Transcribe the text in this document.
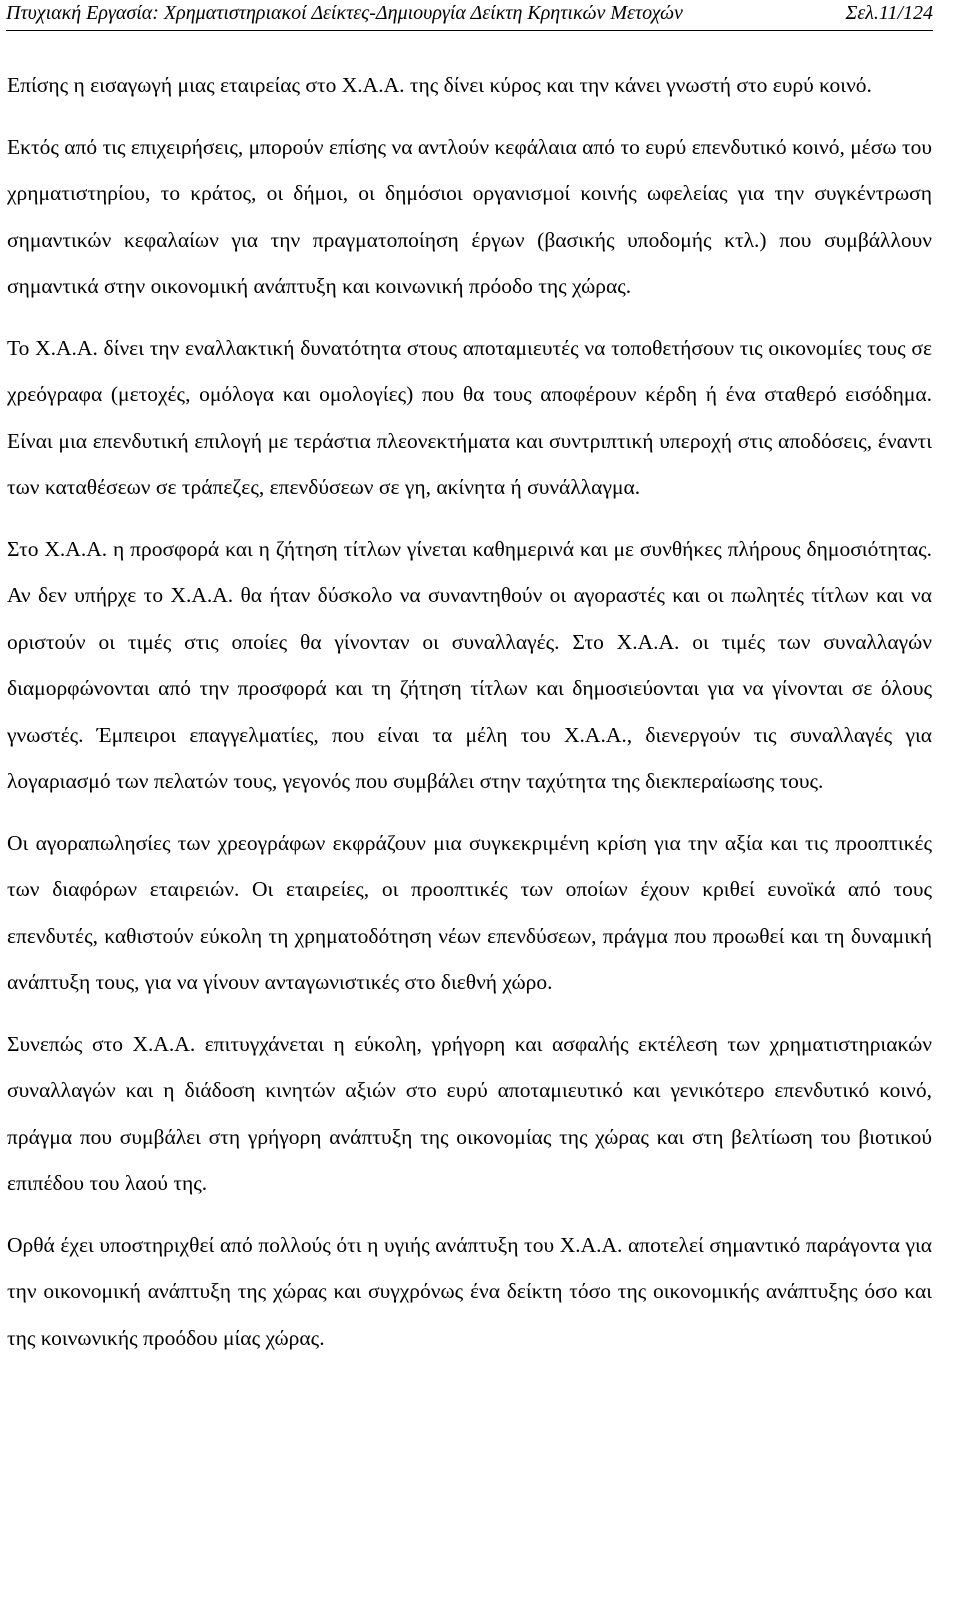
Πτυχιακή Εργασία: Χρηματιστηριακοί Δείκτες-Δημιουργία Δείκτη Κρητικών Μετοχών	Σελ.11/124

Επίσης η εισαγωγή μιας εταιρείας στο Χ.Α.Α. της δίνει κύρος και την κάνει γνωστή στο ευρύ κοινό.

Εκτός από τις επιχειρήσεις, μπορούν επίσης να αντλούν κεφάλαια από το ευρύ επενδυτικό κοινό, μέσω του χρηματιστηρίου, το κράτος, οι δήμοι, οι δημόσιοι οργανισμοί κοινής ωφελείας για την συγκέντρωση σημαντικών κεφαλαίων για την πραγματοποίηση έργων (βασικής υποδομής κτλ.) που συμβάλλουν σημαντικά στην οικονομική ανάπτυξη και κοινωνική πρόοδο της χώρας.

Το Χ.Α.Α. δίνει την εναλλακτική δυνατότητα στους αποταμιευτές να τοποθετήσουν τις οικονομίες τους σε χρεόγραφα (μετοχές, ομόλογα και ομολογίες) που θα τους αποφέρουν κέρδη ή ένα σταθερό εισόδημα. Είναι μια επενδυτική επιλογή με τεράστια πλεονεκτήματα και συντριπτική υπεροχή στις αποδόσεις, έναντι των καταθέσεων σε τράπεζες, επενδύσεων σε γη, ακίνητα ή συνάλλαγμα.

Στο Χ.Α.Α. η προσφορά και η ζήτηση τίτλων γίνεται καθημερινά και με συνθήκες πλήρους δημοσιότητας. Αν δεν υπήρχε το Χ.Α.Α. θα ήταν δύσκολο να συναντηθούν οι αγοραστές και οι πωλητές τίτλων και να οριστούν οι τιμές στις οποίες θα γίνονταν οι συναλλαγές. Στο Χ.Α.Α. οι τιμές των συναλλαγών διαμορφώνονται από την προσφορά και τη ζήτηση τίτλων και δημοσιεύονται για να γίνονται σε όλους γνωστές. Έμπειροι επαγγελματίες, που είναι τα μέλη του Χ.Α.Α., διενεργούν τις συναλλαγές για λογαριασμό των πελατών τους, γεγονός που συμβάλει στην ταχύτητα της διεκπεραίωσης τους.

Οι αγοραπωλησίες των χρεογράφων εκφράζουν μια συγκεκριμένη κρίση για την αξία και τις προοπτικές των διαφόρων εταιρειών. Οι εταιρείες, οι προοπτικές των οποίων έχουν κριθεί ευνοϊκά από τους επενδυτές, καθιστούν εύκολη τη χρηματοδότηση νέων επενδύσεων, πράγμα που προωθεί και τη δυναμική ανάπτυξη τους, για να γίνουν ανταγωνιστικές στο διεθνή χώρο.

Συνεπώς στο Χ.Α.Α. επιτυγχάνεται η εύκολη, γρήγορη και ασφαλής εκτέλεση των χρηματιστηριακών συναλλαγών και η διάδοση κινητών αξιών στο ευρύ αποταμιευτικό και γενικότερο επενδυτικό κοινό, πράγμα που συμβάλει στη γρήγορη ανάπτυξη της οικονομίας της χώρας και στη βελτίωση του βιοτικού επιπέδου του λαού της.

Ορθά έχει υποστηριχθεί από πολλούς ότι η υγιής ανάπτυξη του Χ.Α.Α. αποτελεί σημαντικό παράγοντα για την οικονομική ανάπτυξη της χώρας και συγχρόνως ένα δείκτη τόσο της οικονομικής ανάπτυξης όσο και της κοινωνικής προόδου μίας χώρας.
